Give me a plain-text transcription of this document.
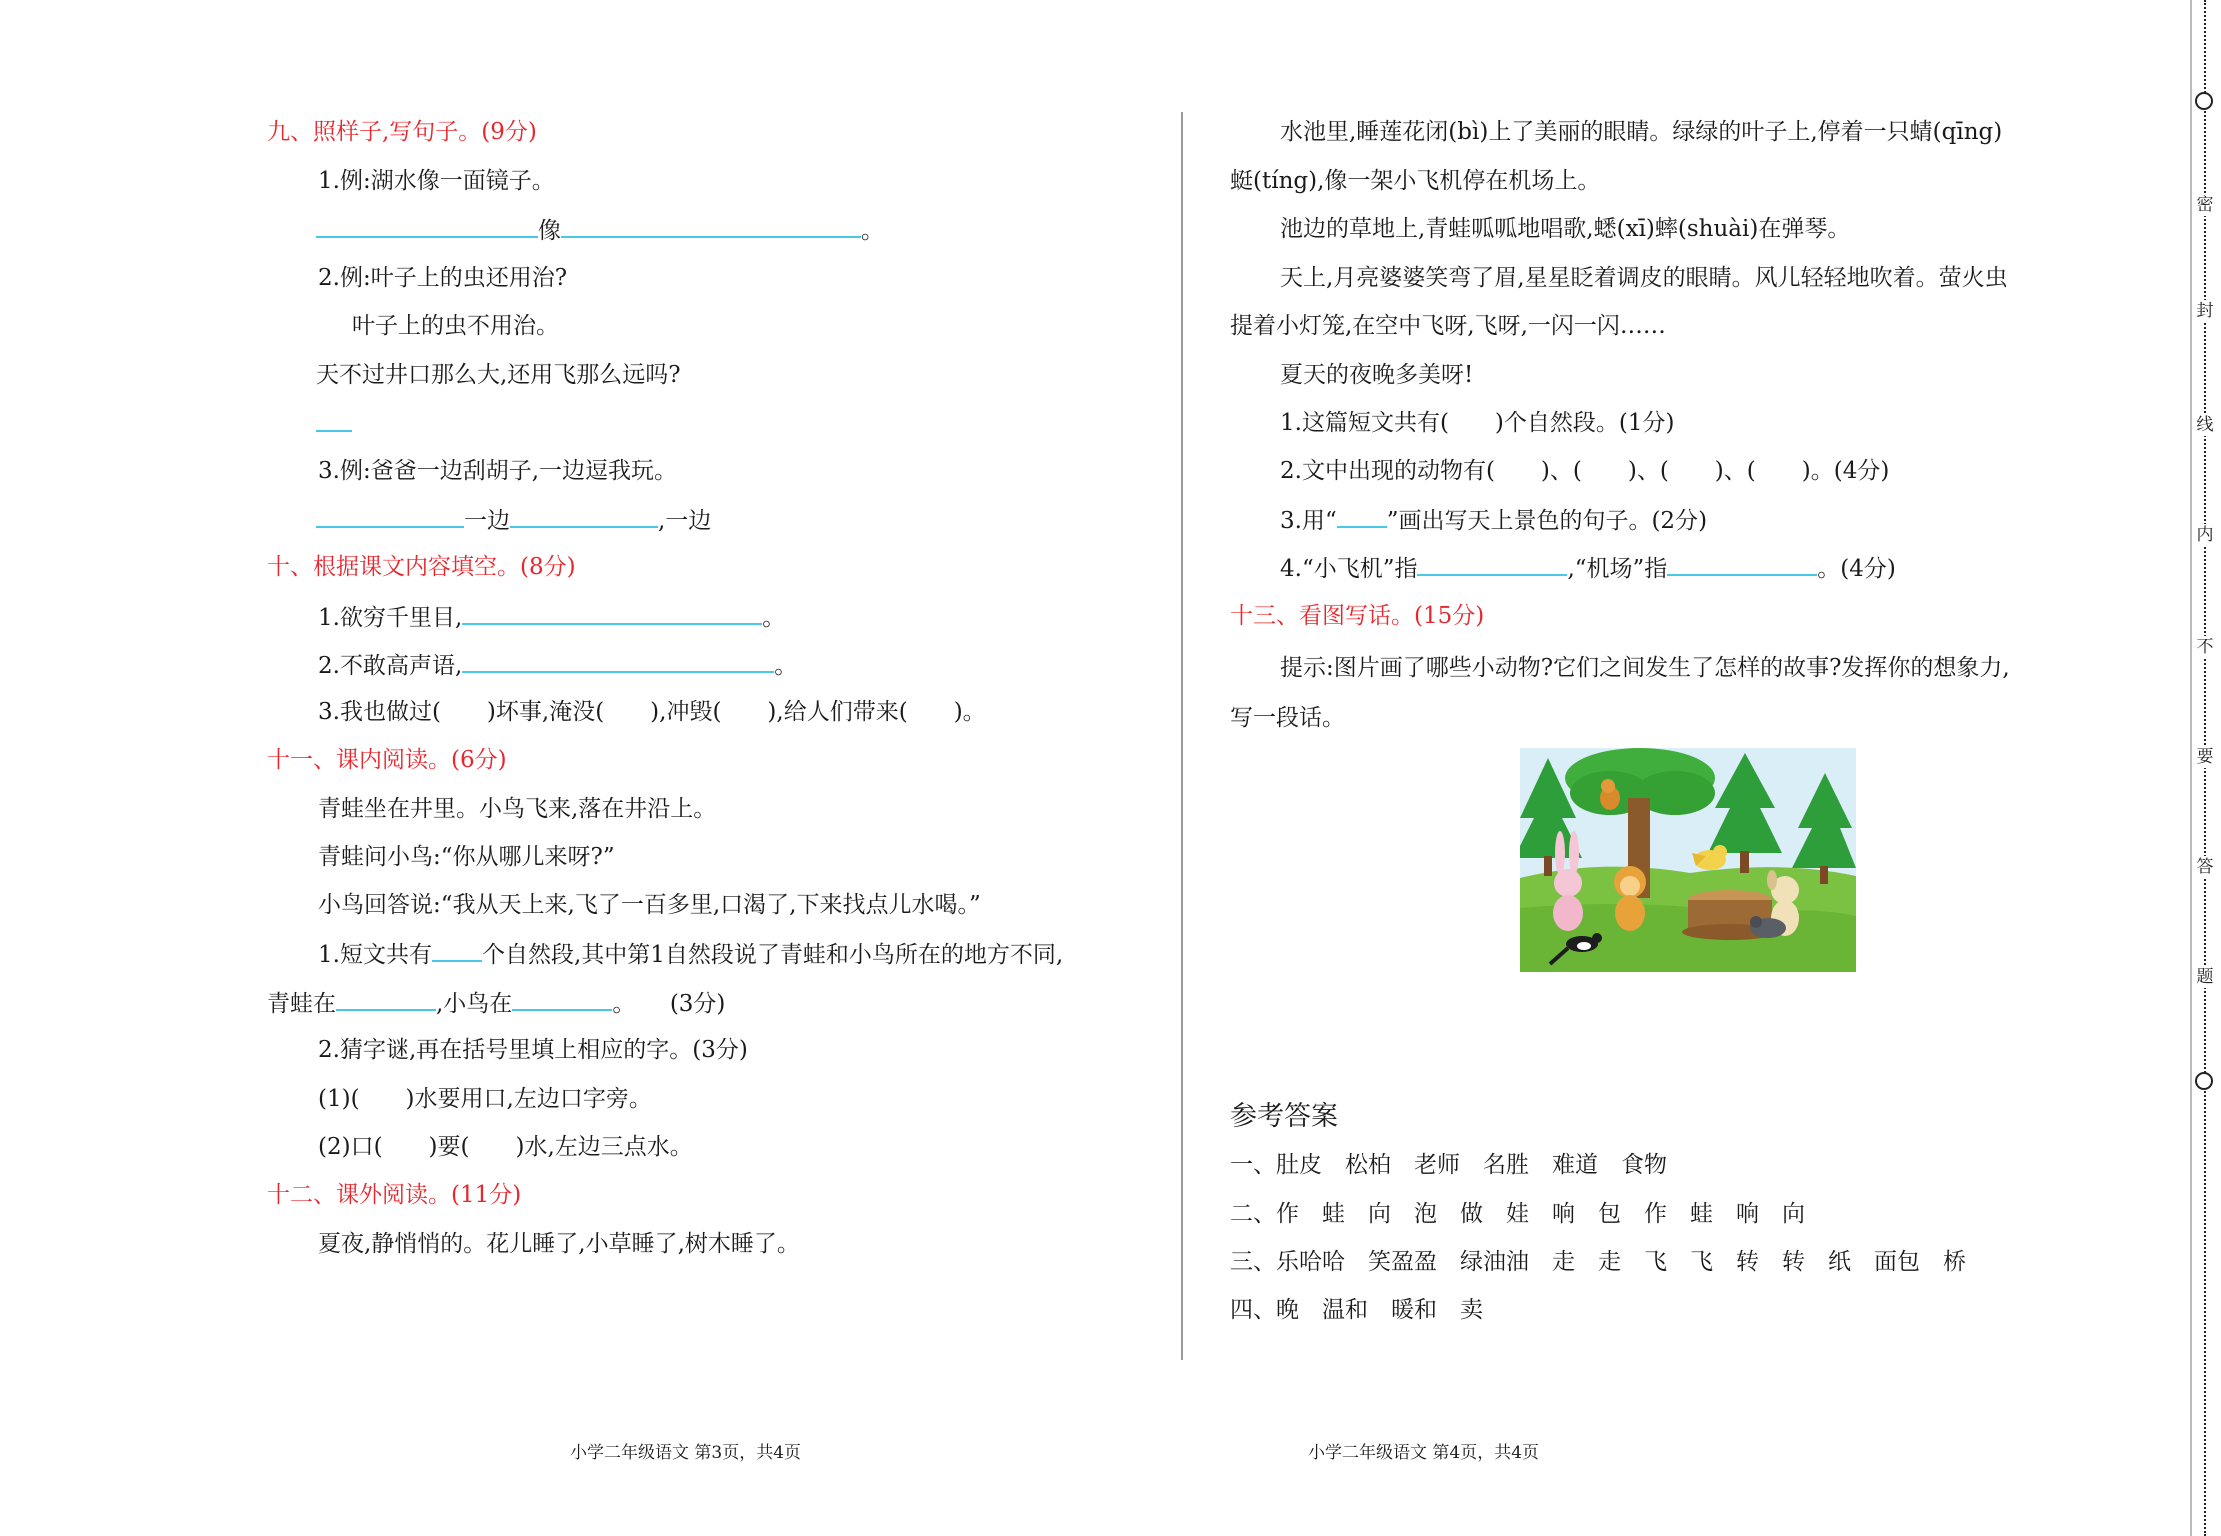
九、照样子,写句子。(9分)
1.例:湖水像一面镜子。
像	。
2.例:叶子上的虫还用治?
叶子上的虫不用治。
天不过井口那么大,还用飞那么远吗?
3.例:爸爸一边刮胡子,一边逗我玩。
一边	,一边
十、根据课文内容填空。(8分)
1.欲穷千里目,	。
2.不敢高声语,	。
3.我也做过(　　)坏事,淹没(　　),冲毁(　　),给人们带来(　　)。
十一、课内阅读。(6分)
青蛙坐在井里。小鸟飞来,落在井沿上。
青蛙问小鸟:“你从哪儿来呀?”
小鸟回答说:“我从天上来,飞了一百多里,口渴了,下来找点儿水喝。”
1.短文共有 个自然段,其中第1自然段说了青蛙和小鸟所在的地方不同,
青蛙在	,小鸟在	。　　(3分)
2.猜字谜,再在括号里填上相应的字。(3分)
(1)(　　)水要用口,左边口字旁。
(2)口(　　)要(　　)水,左边三点水。
十二、课外阅读。(11分)
夏夜,静悄悄的。花儿睡了,小草睡了,树木睡了。
水池里,睡莲花闭(bì)上了美丽的眼睛。绿绿的叶子上,停着一只蜻(qīng)
蜓(tíng),像一架小飞机停在机场上。
池边的草地上,青蛙呱呱地唱歌,蟋(xī)蟀(shuài)在弹琴。
天上,月亮婆婆笑弯了眉,星星眨着调皮的眼睛。风儿轻轻地吹着。萤火虫
提着小灯笼,在空中飞呀,飞呀,一闪一闪……
夏天的夜晚多美呀!
1.这篇短文共有(　　)个自然段。(1分)
2.文中出现的动物有(　　)、(　　)、(　　)、(　　)。(4分)
3.用“ ”画出写天上景色的句子。(2分)
4.“小飞机”指	,“机场”指	。(4分)
十三、看图写话。(15分)
提示:图片画了哪些小动物?它们之间发生了怎样的故事?发挥你的想象力,
写一段话。
参考答案
一、肚皮　松柏　老师　名胜　难道　食物
二、作　蛙　向　泡　做　娃　响　包　作　蛙　响　向
三、乐哈哈　笑盈盈　绿油油　走　走　飞　飞　转　转　纸　面包　桥
四、晚　温和　暖和　卖
小学二年级语文 第3页，共4页	小学二年级语文 第4页，共4页
密
封
线
内
不
要
答
题
